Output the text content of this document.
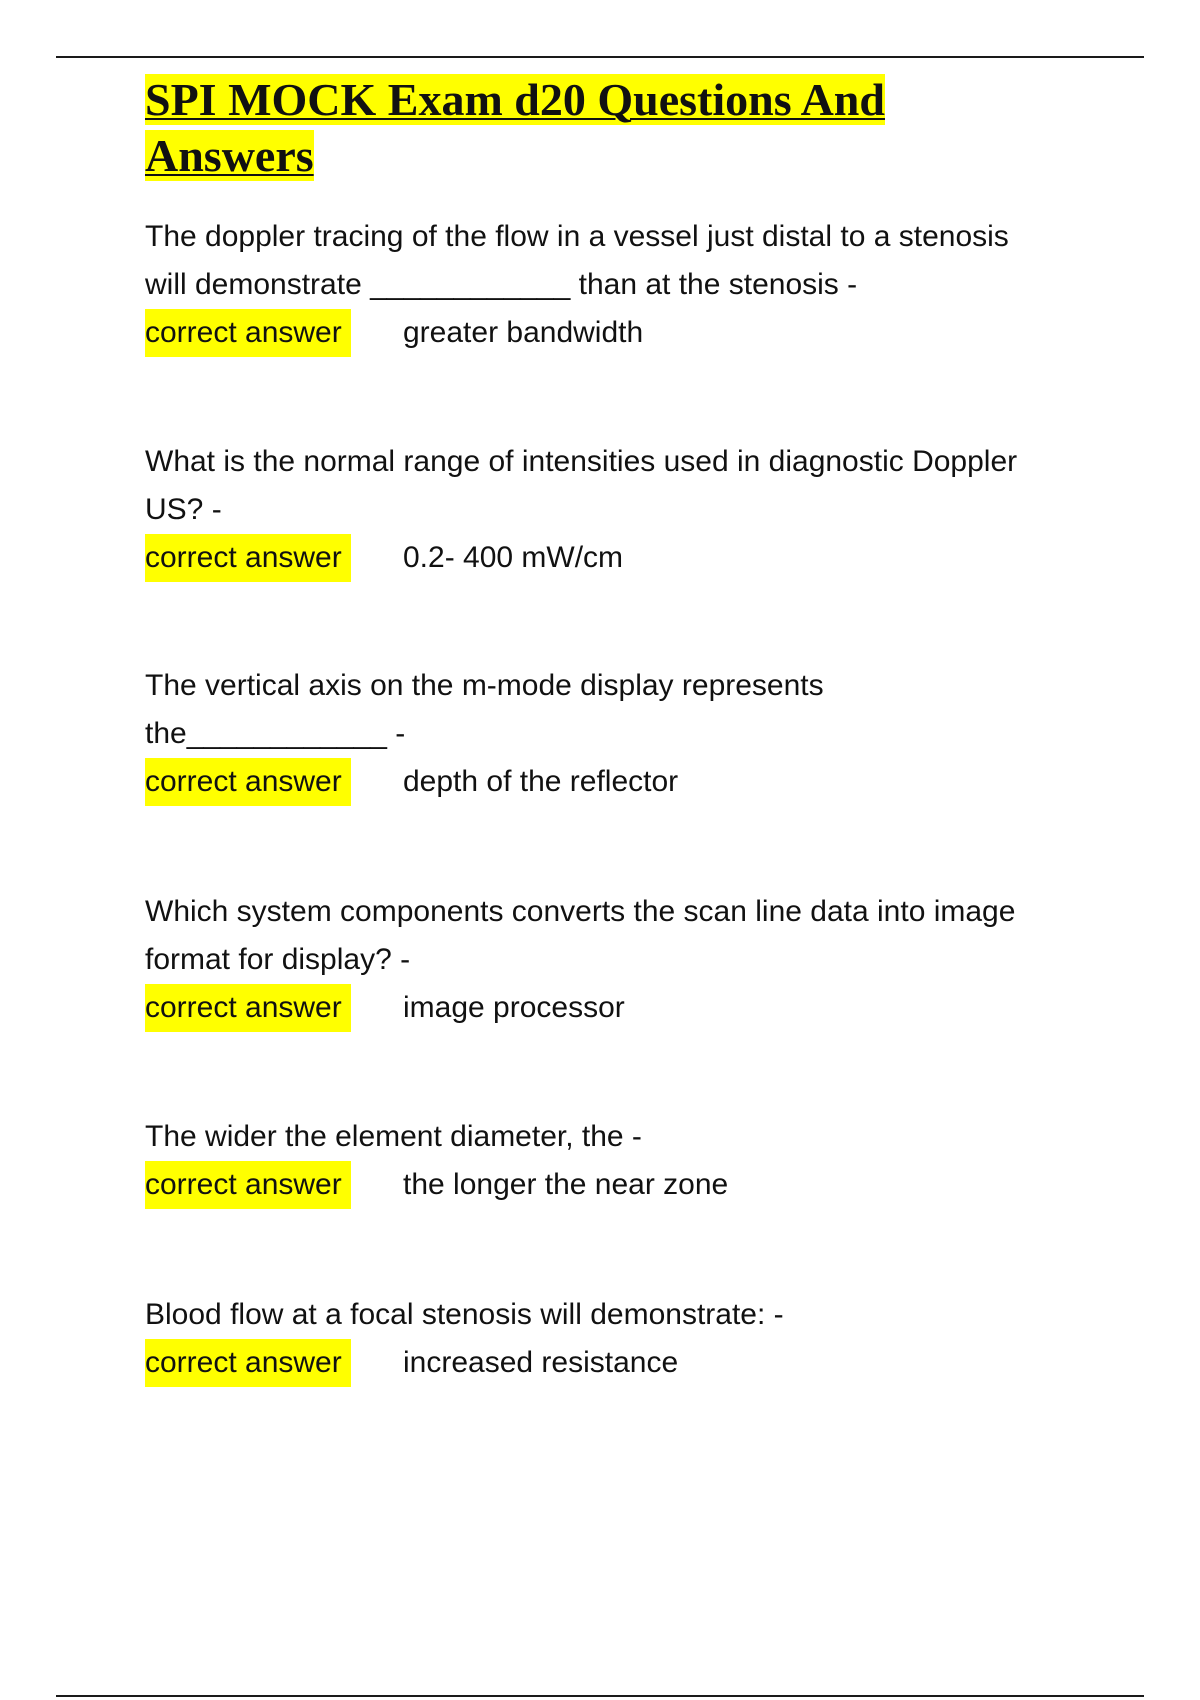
SPI MOCK Exam d20 Questions And
Answers

The doppler tracing of the flow in a vessel just distal to a stenosis
will demonstrate ____________ than at the stenosis -

correct answer	greater bandwidth

What is the normal range of intensities used in diagnostic Doppler
US? -

correct answer	0.2- 400 mW/cm

The vertical axis on the m-mode display represents
the____________ -

correct answer	depth of the reflector

Which system components converts the scan line data into image
format for display? -

correct answer	image processor

The wider the element diameter, the -

correct answer	the longer the near zone

Blood flow at a focal stenosis will demonstrate: -

correct answer	increased resistance
